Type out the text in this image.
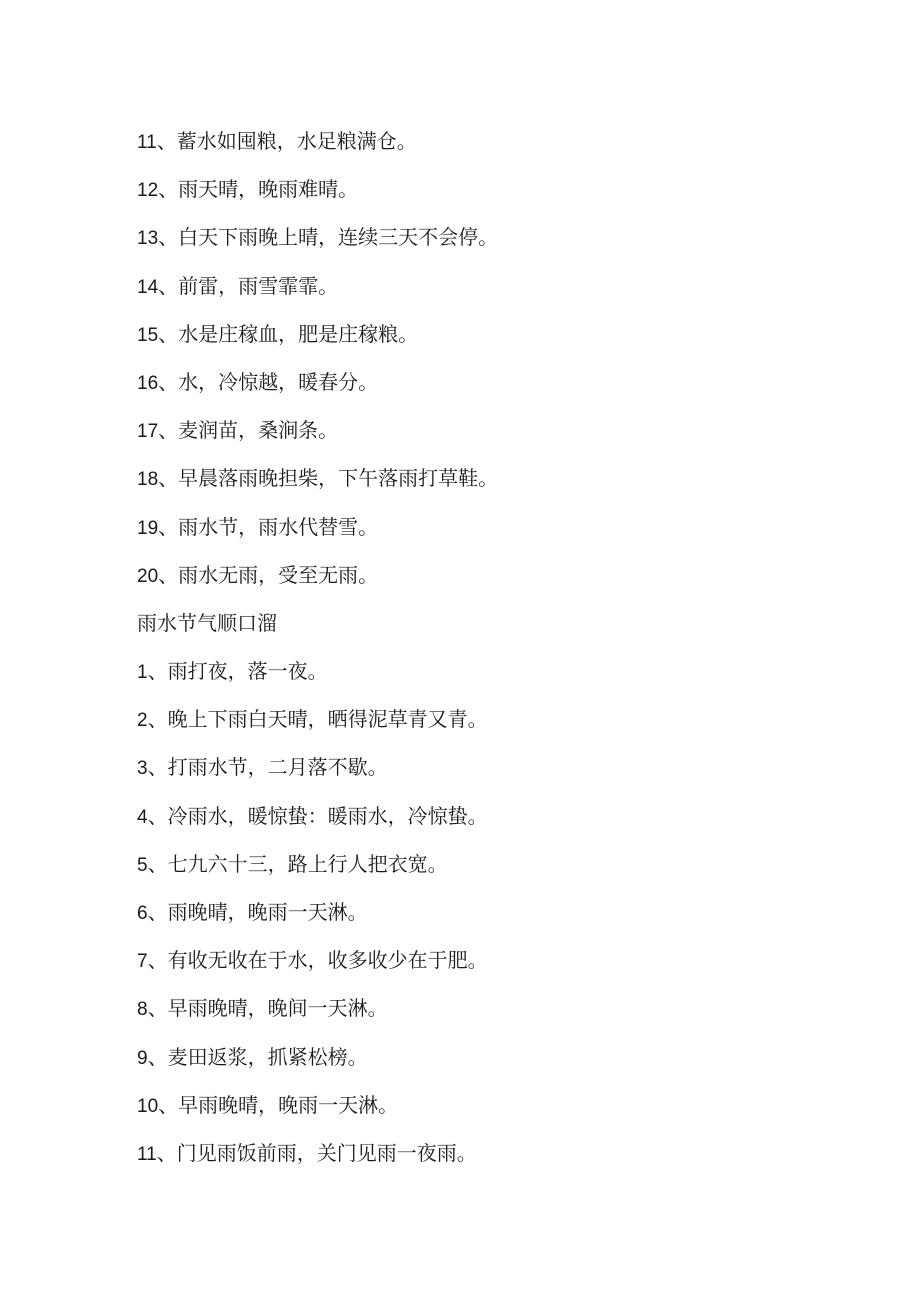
11、蓄水如囤粮，水足粮满仓。
12、雨天晴，晚雨难晴。
13、白天下雨晚上晴，连续三天不会停。
14、前雷，雨雪霏霏。
15、水是庄稼血，肥是庄稼粮。
16、水，冷惊越，暖春分。
17、麦润苗，桑涧条。
18、早晨落雨晚担柴，下午落雨打草鞋。
19、雨水节，雨水代替雪。
20、雨水无雨，受至无雨。
雨水节气顺口溜
1、雨打夜，落一夜。
2、晚上下雨白天晴，晒得泥草青又青。
3、打雨水节，二月落不歇。
4、冷雨水，暖惊蛰：暖雨水，冷惊蛰。
5、七九六十三，路上行人把衣宽。
6、雨晚晴，晚雨一天淋。
7、有收无收在于水，收多收少在于肥。
8、早雨晚晴，晚间一天淋。
9、麦田返浆，抓紧松榜。
10、早雨晚晴，晚雨一天淋。
11、门见雨饭前雨，关门见雨一夜雨。
